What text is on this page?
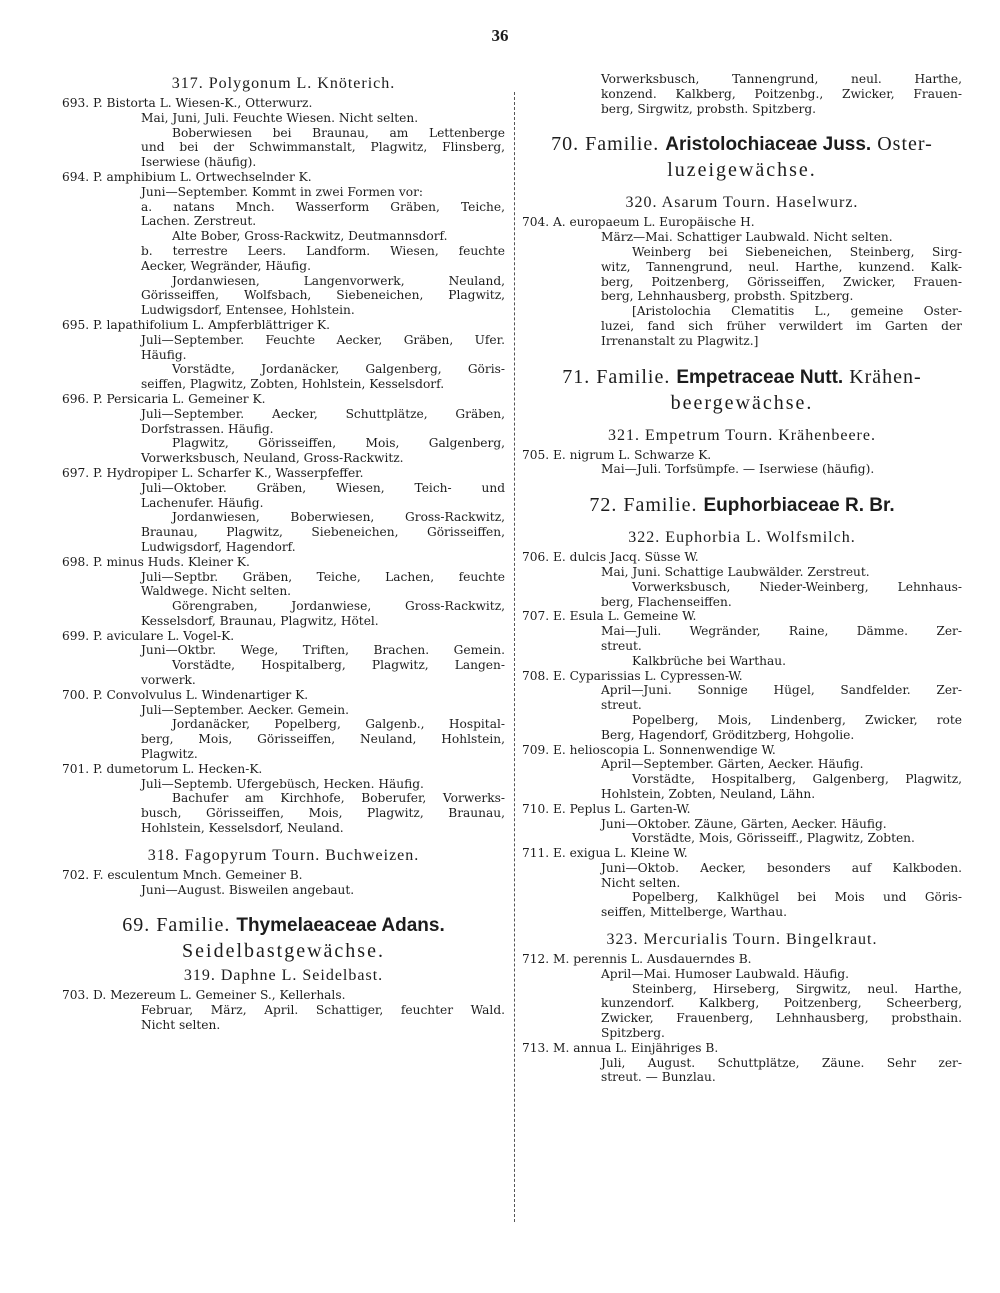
36
317. Polygonum L. Knöterich.
693. P. Bistorta L. Wiesen-K., Otterwurz.
Mai, Juni, Juli. Feuchte Wiesen. Nicht selten.
Boberwiesen bei Braunau, am Lettenberge
und bei der Schwimmanstalt, Plagwitz, Flinsberg,
Iserwiese (häufig).
694. P. amphibium L. Ortwechselnder K.
Juni—September. Kommt in zwei Formen vor:
a. natans Mnch. Wasserform Gräben, Teiche,
Lachen. Zerstreut.
Alte Bober, Gross-Rackwitz, Deutmannsdorf.
b. terrestre Leers. Landform. Wiesen, feuchte
Aecker, Wegränder, Häufig.
Jordanwiesen, Langenvorwerk, Neuland,
Görisseiffen, Wolfsbach, Siebeneichen, Plagwitz,
Ludwigsdorf, Entensee, Hohlstein.
695. P. lapathifolium L. Ampferblättriger K.
Juli—September. Feuchte Aecker, Gräben, Ufer.
Häufig.
Vorstädte, Jordanäcker, Galgenberg, Göris-
seiffen, Plagwitz, Zobten, Hohlstein, Kesselsdorf.
696. P. Persicaria L. Gemeiner K.
Juli—September. Aecker, Schuttplätze, Gräben,
Dorfstrassen. Häufig.
Plagwitz, Görisseiffen, Mois, Galgenberg,
Vorwerksbusch, Neuland, Gross-Rackwitz.
697. P. Hydropiper L. Scharfer K., Wasserpfeffer.
Juli—Oktober. Gräben, Wiesen, Teich- und
Lachenufer. Häufig.
Jordanwiesen, Boberwiesen, Gross-Rackwitz,
Braunau, Plagwitz, Siebeneichen, Görisseiffen,
Ludwigsdorf, Hagendorf.
698. P. minus Huds. Kleiner K.
Juli—Septbr. Gräben, Teiche, Lachen, feuchte
Waldwege. Nicht selten.
Görengraben, Jordanwiese, Gross-Rackwitz,
Kesselsdorf, Braunau, Plagwitz, Hötel.
699. P. aviculare L. Vogel-K.
Juni—Oktbr. Wege, Triften, Brachen. Gemein.
Vorstädte, Hospitalberg, Plagwitz, Langen-
vorwerk.
700. P. Convolvulus L. Windenartiger K.
Juli—September. Aecker. Gemein.
Jordanäcker, Popelberg, Galgenb., Hospital-
berg, Mois, Görisseiffen, Neuland, Hohlstein,
Plagwitz.
701. P. dumetorum L. Hecken-K.
Juli—Septemb. Ufergebüsch, Hecken. Häufig.
Bachufer am Kirchhofe, Boberufer, Vorwerks-
busch, Görisseiffen, Mois, Plagwitz, Braunau,
Hohlstein, Kesselsdorf, Neuland.
318. Fagopyrum Tourn. Buchweizen.
702. F. esculentum Mnch. Gemeiner B.
Juni—August. Bisweilen angebaut.
69. Familie. Thymelaeaceae Adans.
Seidelbastgewächse.
319. Daphne L. Seidelbast.
703. D. Mezereum L. Gemeiner S., Kellerhals.
Februar, März, April. Schattiger, feuchter Wald.
Nicht selten.
Vorwerksbusch, Tannengrund, neul. Harthe,
konzend. Kalkberg, Poitzenbg., Zwicker, Frauen-
berg, Sirgwitz, probsth. Spitzberg.
70. Familie. Aristolochiaceae Juss. Oster-
luzeigewächse.
320. Asarum Tourn. Haselwurz.
704. A. europaeum L. Europäische H.
März—Mai. Schattiger Laubwald. Nicht selten.
Weinberg bei Siebeneichen, Steinberg, Sirg-
witz, Tannengrund, neul. Harthe, kunzend. Kalk-
berg, Poitzenberg, Görisseiffen, Zwicker, Frauen-
berg, Lehnhausberg, probsth. Spitzberg.
[Aristolochia Clematitis L., gemeine Oster-
luzei, fand sich früher verwildert im Garten der
Irrenanstalt zu Plagwitz.]
71. Familie. Empetraceae Nutt. Krähen-
beergewächse.
321. Empetrum Tourn. Krähenbeere.
705. E. nigrum L. Schwarze K.
Mai—Juli. Torfsümpfe. — Iserwiese (häufig).
72. Familie. Euphorbiaceae R. Br.
322. Euphorbia L. Wolfsmilch.
706. E. dulcis Jacq. Süsse W.
Mai, Juni. Schattige Laubwälder. Zerstreut.
Vorwerksbusch, Nieder-Weinberg, Lehnhaus-
berg, Flachenseiffen.
707. E. Esula L. Gemeine W.
Mai—Juli. Wegränder, Raine, Dämme. Zer-
streut.
Kalkbrüche bei Warthau.
708. E. Cyparissias L. Cypressen-W.
April—Juni. Sonnige Hügel, Sandfelder. Zer-
streut.
Popelberg, Mois, Lindenberg, Zwicker, rote
Berg, Hagendorf, Gröditzberg, Hohgolie.
709. E. helioscopia L. Sonnenwendige W.
April—September. Gärten, Aecker. Häufig.
Vorstädte, Hospitalberg, Galgenberg, Plagwitz,
Hohlstein, Zobten, Neuland, Lähn.
710. E. Peplus L. Garten-W.
Juni—Oktober. Zäune, Gärten, Aecker. Häufig.
Vorstädte, Mois, Görisseiff., Plagwitz, Zobten.
711. E. exigua L. Kleine W.
Juni—Oktob. Aecker, besonders auf Kalkboden.
Nicht selten.
Popelberg, Kalkhügel bei Mois und Göris-
seiffen, Mittelberge, Warthau.
323. Mercurialis Tourn. Bingelkraut.
712. M. perennis L. Ausdauerndes B.
April—Mai. Humoser Laubwald. Häufig.
Steinberg, Hirseberg, Sirgwitz, neul. Harthe,
kunzendorf. Kalkberg, Poitzenberg, Scheerberg,
Zwicker, Frauenberg, Lehnhausberg, probsthain.
Spitzberg.
713. M. annua L. Einjähriges B.
Juli, August. Schuttplätze, Zäune. Sehr zer-
streut. — Bunzlau.
